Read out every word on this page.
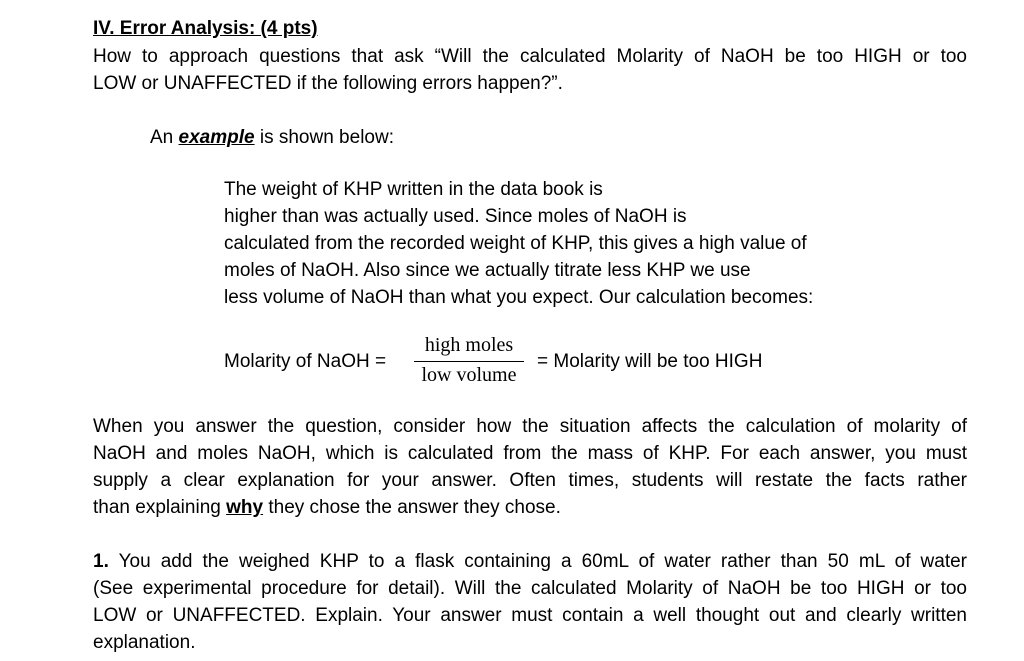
IV. Error Analysis: (4 pts)
How to approach questions that ask “Will the calculated Molarity of NaOH be too HIGH or too
LOW or UNAFFECTED if the following errors happen?”.
An example is shown below:
The weight of KHP written in the data book is
higher than was actually used. Since moles of NaOH is
calculated from the recorded weight of KHP, this gives a high value of
moles of NaOH. Also since we actually titrate less KHP we use
less volume of NaOH than what you expect. Our calculation becomes:
Molarity of NaOH =
high moles
low volume
= Molarity will be too HIGH
When you answer the question, consider how the situation affects the calculation of molarity of
NaOH and moles NaOH, which is calculated from the mass of KHP. For each answer, you must
supply a clear explanation for your answer. Often times, students will restate the facts rather
than explaining why they chose the answer they chose.
1. You add the weighed KHP to a flask containing a 60mL of water rather than 50 mL of water
(See experimental procedure for detail). Will the calculated Molarity of NaOH be too HIGH or too
LOW or UNAFFECTED. Explain. Your answer must contain a well thought out and clearly written
explanation.
